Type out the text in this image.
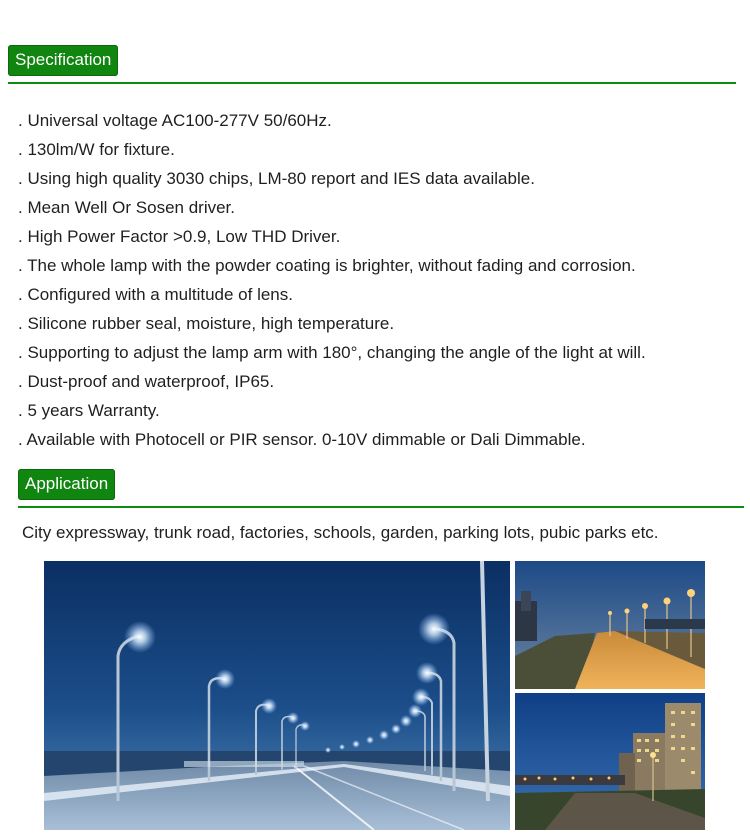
Specification
. Universal voltage AC100-277V 50/60Hz.
. 130lm/W for fixture.
. Using high quality 3030 chips, LM-80 report and IES data available.
. Mean Well Or Sosen driver.
. High Power Factor >0.9, Low THD Driver.
. The whole lamp with the powder coating is brighter, without fading and corrosion.
. Configured with a multitude of lens.
. Silicone rubber seal, moisture, high temperature.
. Supporting to adjust the lamp arm with 180°, changing the angle of the light at will.
. Dust-proof and waterproof, IP65.
. 5 years Warranty.
. Available with Photocell or PIR sensor. 0-10V dimmable or Dali Dimmable.
Application
City expressway, trunk road, factories, schools, garden, parking lots, pubic parks etc.
